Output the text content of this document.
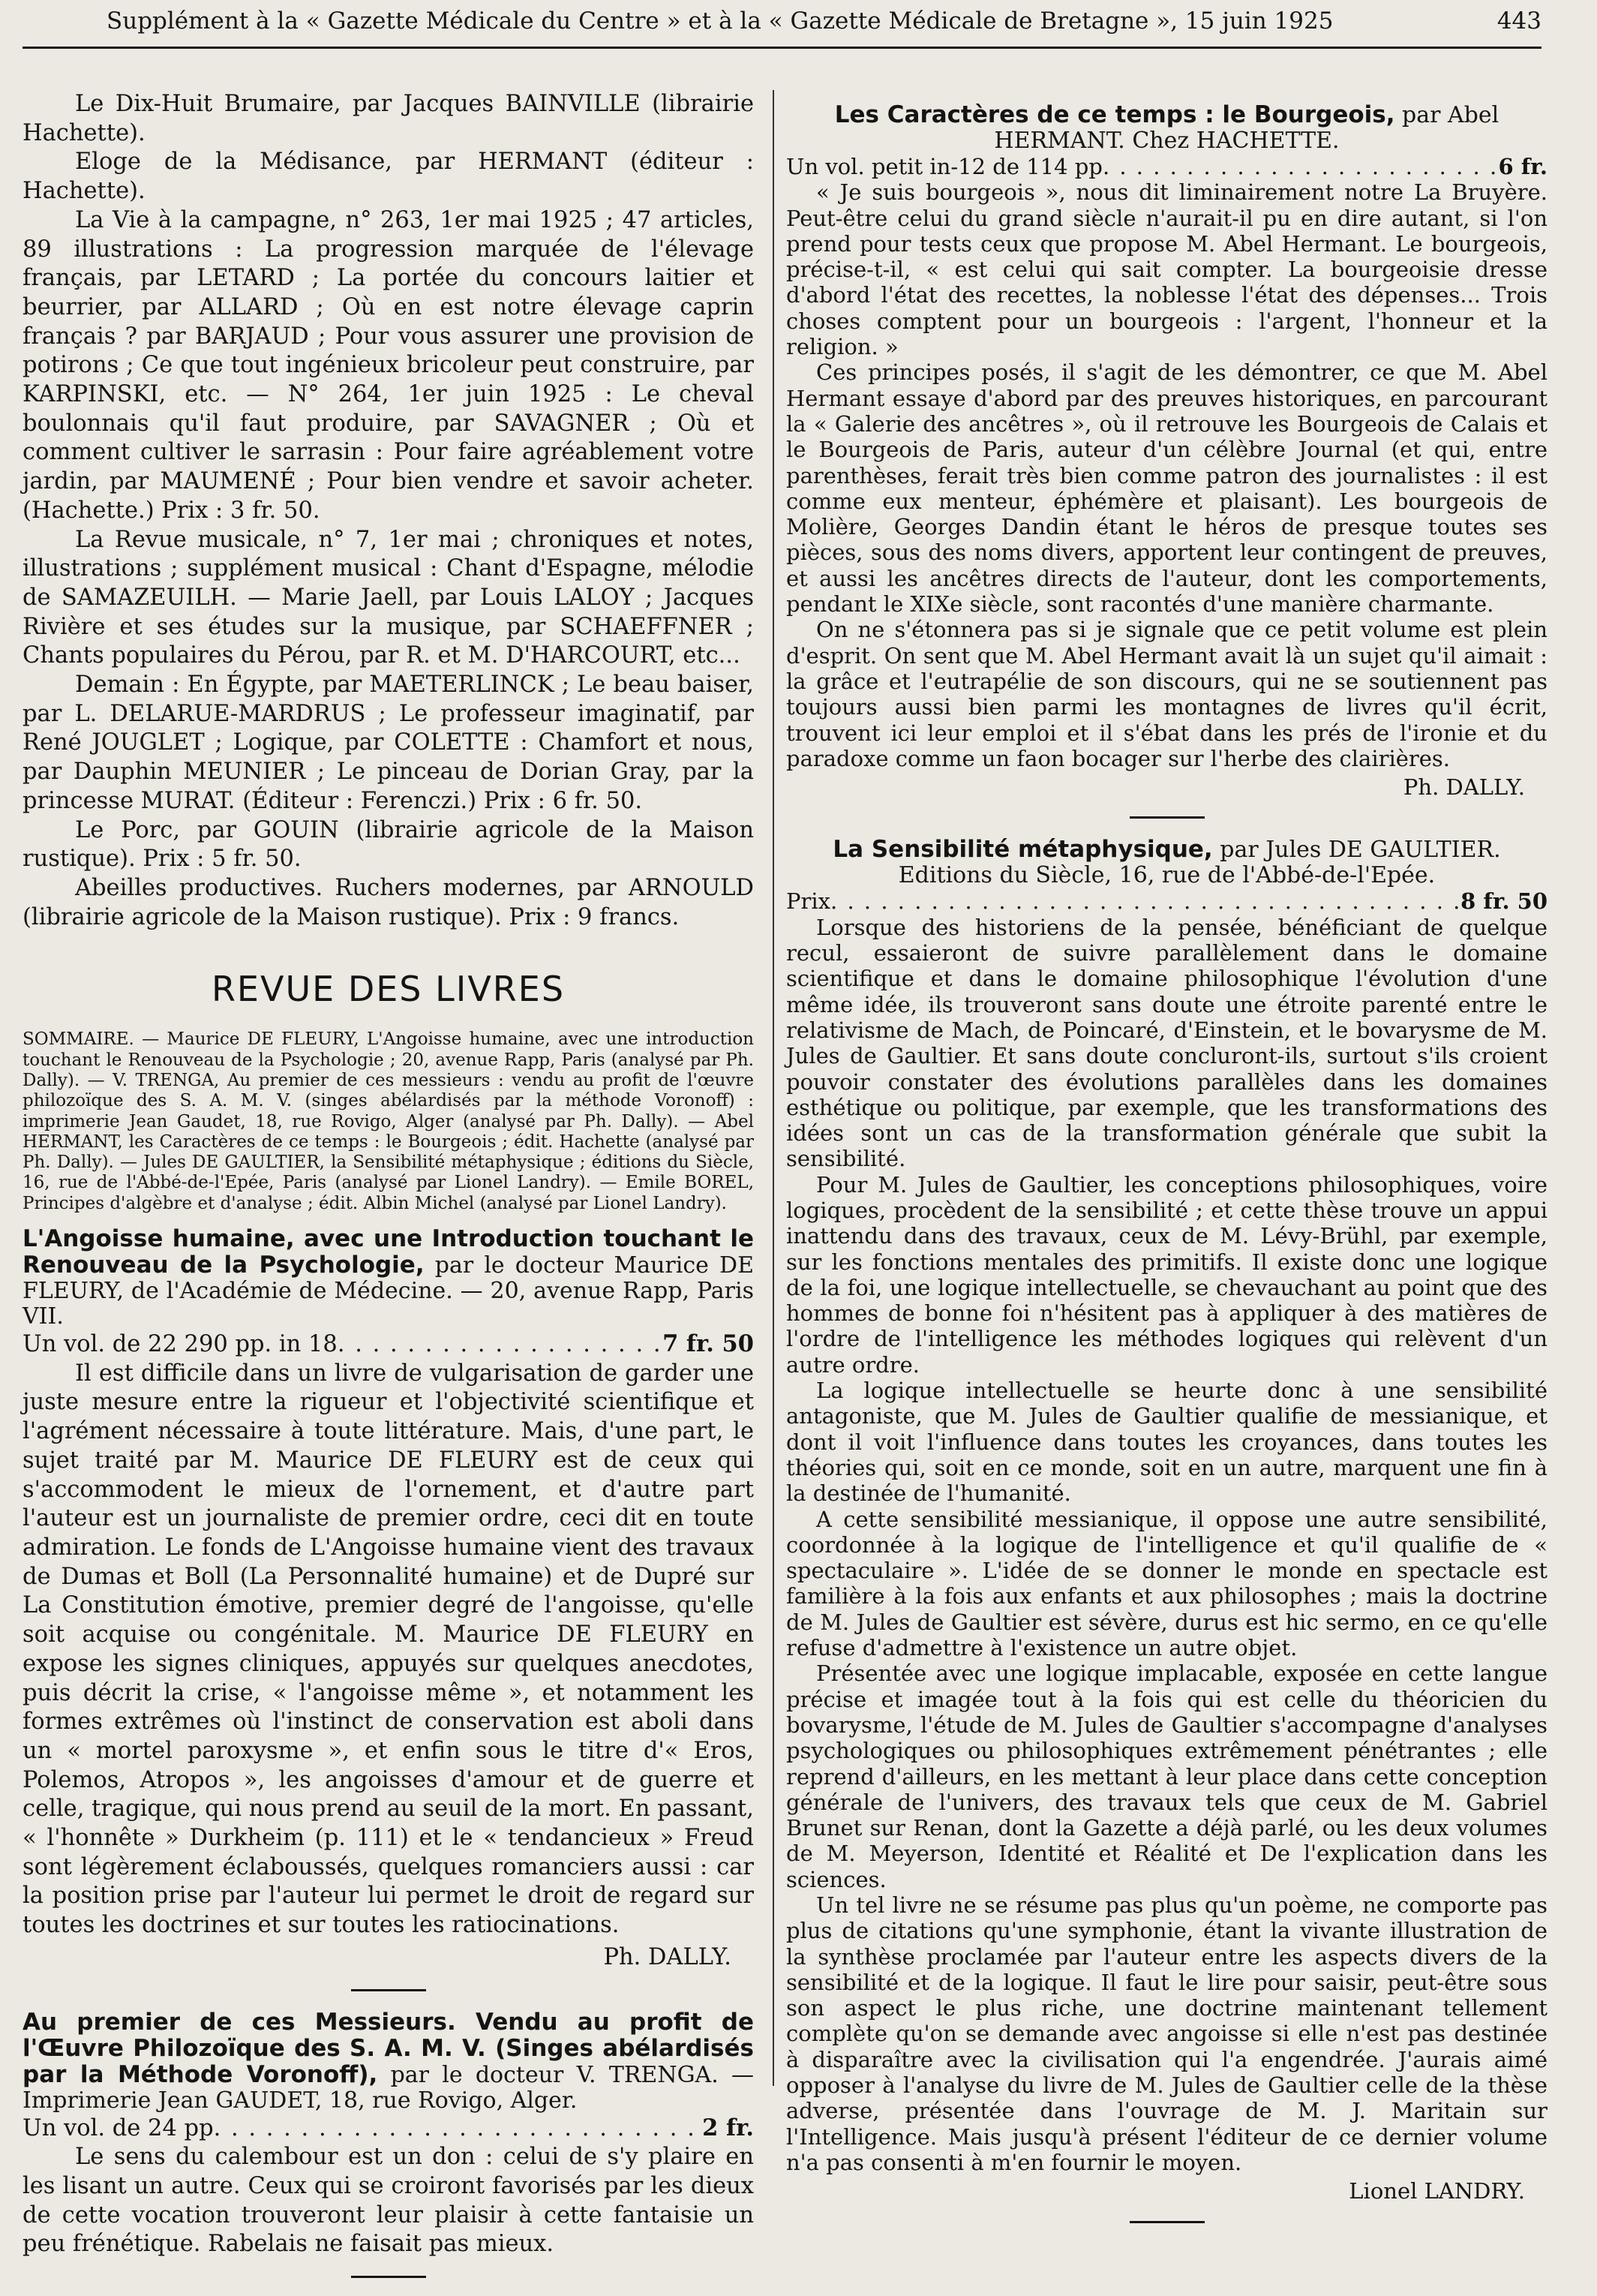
Supplément à la « Gazette Médicale du Centre » et à la « Gazette Médicale de Bretagne », 15 juin 1925	443

Le Dix-Huit Brumaire, par Jacques BAINVILLE (librairie Hachette).

Eloge de la Médisance, par HERMANT (éditeur : Hachette).

La Vie à la campagne, n° 263, 1er mai 1925 ; 47 articles, 89 illustrations : La progression marquée de l'élevage français, par LETARD ; La portée du concours laitier et beurrier, par ALLARD ; Où en est notre élevage caprin français ? par BARJAUD ; Pour vous assurer une provision de potirons ; Ce que tout ingénieux bricoleur peut construire, par KARPINSKI, etc. — N° 264, 1er juin 1925 : Le cheval boulonnais qu'il faut produire, par SAVAGNER ; Où et comment cultiver le sarrasin : Pour faire agréablement votre jardin, par MAUMENÉ ; Pour bien vendre et savoir acheter. (Hachette.) Prix : 3 fr. 50.

La Revue musicale, n° 7, 1er mai ; chroniques et notes, illustrations ; supplément musical : Chant d'Espagne, mélodie de SAMAZEUILH. — Marie Jaell, par Louis LALOY ; Jacques Rivière et ses études sur la musique, par SCHAEFFNER ; Chants populaires du Pérou, par R. et M. D'HARCOURT, etc...

Demain : En Égypte, par MAETERLINCK ; Le beau baiser, par L. DELARUE-MARDRUS ; Le professeur imaginatif, par René JOUGLET ; Logique, par COLETTE : Chamfort et nous, par Dauphin MEUNIER ; Le pinceau de Dorian Gray, par la princesse MURAT. (Éditeur : Ferenczi.) Prix : 6 fr. 50.

Le Porc, par GOUIN (librairie agricole de la Maison rustique). Prix : 5 fr. 50.

Abeilles productives. Ruchers modernes, par ARNOULD (librairie agricole de la Maison rustique). Prix : 9 francs.

REVUE DES LIVRES

SOMMAIRE. — Maurice DE FLEURY, L'Angoisse humaine, avec une introduction touchant le Renouveau de la Psychologie ; 20, avenue Rapp, Paris (analysé par Ph. Dally). — V. TRENGA, Au premier de ces messieurs : vendu au profit de l'œuvre philozoïque des S. A. M. V. (singes abélardisés par la méthode Voronoff) : imprimerie Jean Gaudet, 18, rue Rovigo, Alger (analysé par Ph. Dally). — Abel HERMANT, les Caractères de ce temps : le Bourgeois ; édit. Hachette (analysé par Ph. Dally). — Jules DE GAULTIER, la Sensibilité métaphysique ; éditions du Siècle, 16, rue de l'Abbé-de-l'Epée, Paris (analysé par Lionel Landry). — Emile BOREL, Principes d'algèbre et d'analyse ; édit. Albin Michel (analysé par Lionel Landry).

L'Angoisse humaine, avec une Introduction touchant le Renouveau de la Psychologie, par le docteur Maurice DE FLEURY, de l'Académie de Médecine. — 20, avenue Rapp, Paris VII.

Un vol. de 22 290 pp. in 18 . . .	7 fr. 50

Il est difficile dans un livre de vulgarisation de garder une juste mesure entre la rigueur et l'objectivité scientifique et l'agrément nécessaire à toute littérature. Mais, d'une part, le sujet traité par M. Maurice DE FLEURY est de ceux qui s'accommodent le mieux de l'ornement, et d'autre part l'auteur est un journaliste de premier ordre, ceci dit en toute admiration. Le fonds de L'Angoisse humaine vient des travaux de Dumas et Boll (La Personnalité humaine) et de Dupré sur La Constitution émotive, premier degré de l'angoisse, qu'elle soit acquise ou congénitale. M. Maurice DE FLEURY en expose les signes cliniques, appuyés sur quelques anecdotes, puis décrit la crise, « l'angoisse même », et notamment les formes extrêmes où l'instinct de conservation est aboli dans un « mortel paroxysme », et enfin sous le titre d'« Eros, Polemos, Atropos », les angoisses d'amour et de guerre et celle, tragique, qui nous prend au seuil de la mort. En passant, « l'honnête » Durkheim (p. 111) et le « tendancieux » Freud sont légèrement éclaboussés, quelques romanciers aussi : car la position prise par l'auteur lui permet le droit de regard sur toutes les doctrines et sur toutes les ratiocinations.

Ph. DALLY.

Au premier de ces Messieurs. Vendu au profit de l'Œuvre Philozoïque des S. A. M. V. (Singes abélardisés par la Méthode Voronoff), par le docteur V. TRENGA. — Imprimerie Jean GAUDET, 18, rue Rovigo, Alger.

Un vol. de 24 pp . . .	2 fr.

Le sens du calembour est un don : celui de s'y plaire en les lisant un autre. Ceux qui se croiront favorisés par les dieux de cette vocation trouveront leur plaisir à cette fantaisie un peu frénétique. Rabelais ne faisait pas mieux.

Les Caractères de ce temps : le Bourgeois, par Abel HERMANT. Chez HACHETTE.

Un vol. petit in-12 de 114 pp . . .	6 fr.

« Je suis bourgeois », nous dit liminairement notre La Bruyère. Peut-être celui du grand siècle n'aurait-il pu en dire autant, si l'on prend pour tests ceux que propose M. Abel Hermant. Le bourgeois, précise-t-il, « est celui qui sait compter. La bourgeoisie dresse d'abord l'état des recettes, la noblesse l'état des dépenses... Trois choses comptent pour un bourgeois : l'argent, l'honneur et la religion. »

Ces principes posés, il s'agit de les démontrer, ce que M. Abel Hermant essaye d'abord par des preuves historiques, en parcourant la « Galerie des ancêtres », où il retrouve les Bourgeois de Calais et le Bourgeois de Paris, auteur d'un célèbre Journal (et qui, entre parenthèses, ferait très bien comme patron des journalistes : il est comme eux menteur, éphémère et plaisant). Les bourgeois de Molière, Georges Dandin étant le héros de presque toutes ses pièces, sous des noms divers, apportent leur contingent de preuves, et aussi les ancêtres directs de l'auteur, dont les comportements, pendant le XIXe siècle, sont racontés d'une manière charmante.

On ne s'étonnera pas si je signale que ce petit volume est plein d'esprit. On sent que M. Abel Hermant avait là un sujet qu'il aimait : la grâce et l'eutrapélie de son discours, qui ne se soutiennent pas toujours aussi bien parmi les montagnes de livres qu'il écrit, trouvent ici leur emploi et il s'ébat dans les prés de l'ironie et du paradoxe comme un faon bocager sur l'herbe des clairières.

Ph. DALLY.

La Sensibilité métaphysique, par Jules DE GAULTIER. Editions du Siècle, 16, rue de l'Abbé-de-l'Epée.

Prix . . .	8 fr. 50

Lorsque des historiens de la pensée, bénéficiant de quelque recul, essaieront de suivre parallèlement dans le domaine scientifique et dans le domaine philosophique l'évolution d'une même idée, ils trouveront sans doute une étroite parenté entre le relativisme de Mach, de Poincaré, d'Einstein, et le bovarysme de M. Jules de Gaultier. Et sans doute concluront-ils, surtout s'ils croient pouvoir constater des évolutions parallèles dans les domaines esthétique ou politique, par exemple, que les transformations des idées sont un cas de la transformation générale que subit la sensibilité.

Pour M. Jules de Gaultier, les conceptions philosophiques, voire logiques, procèdent de la sensibilité ; et cette thèse trouve un appui inattendu dans des travaux, ceux de M. Lévy-Brühl, par exemple, sur les fonctions mentales des primitifs. Il existe donc une logique de la foi, une logique intellectuelle, se chevauchant au point que des hommes de bonne foi n'hésitent pas à appliquer à des matières de l'ordre de l'intelligence les méthodes logiques qui relèvent d'un autre ordre.

La logique intellectuelle se heurte donc à une sensibilité antagoniste, que M. Jules de Gaultier qualifie de messianique, et dont il voit l'influence dans toutes les croyances, dans toutes les théories qui, soit en ce monde, soit en un autre, marquent une fin à la destinée de l'humanité.

A cette sensibilité messianique, il oppose une autre sensibilité, coordonnée à la logique de l'intelligence et qu'il qualifie de « spectaculaire ». L'idée de se donner le monde en spectacle est familière à la fois aux enfants et aux philosophes ; mais la doctrine de M. Jules de Gaultier est sévère, durus est hic sermo, en ce qu'elle refuse d'admettre à l'existence un autre objet.

Présentée avec une logique implacable, exposée en cette langue précise et imagée tout à la fois qui est celle du théoricien du bovarysme, l'étude de M. Jules de Gaultier s'accompagne d'analyses psychologiques ou philosophiques extrêmement pénétrantes ; elle reprend d'ailleurs, en les mettant à leur place dans cette conception générale de l'univers, des travaux tels que ceux de M. Gabriel Brunet sur Renan, dont la Gazette a déjà parlé, ou les deux volumes de M. Meyerson, Identité et Réalité et De l'explication dans les sciences.

Un tel livre ne se résume pas plus qu'un poème, ne comporte pas plus de citations qu'une symphonie, étant la vivante illustration de la synthèse proclamée par l'auteur entre les aspects divers de la sensibilité et de la logique. Il faut le lire pour saisir, peut-être sous son aspect le plus riche, une doctrine maintenant tellement complète qu'on se demande avec angoisse si elle n'est pas destinée à disparaître avec la civilisation qui l'a engendrée. J'aurais aimé opposer à l'analyse du livre de M. Jules de Gaultier celle de la thèse adverse, présentée dans l'ouvrage de M. J. Maritain sur l'Intelligence. Mais jusqu'à présent l'éditeur de ce dernier volume n'a pas consenti à m'en fournir le moyen.

Lionel LANDRY.
